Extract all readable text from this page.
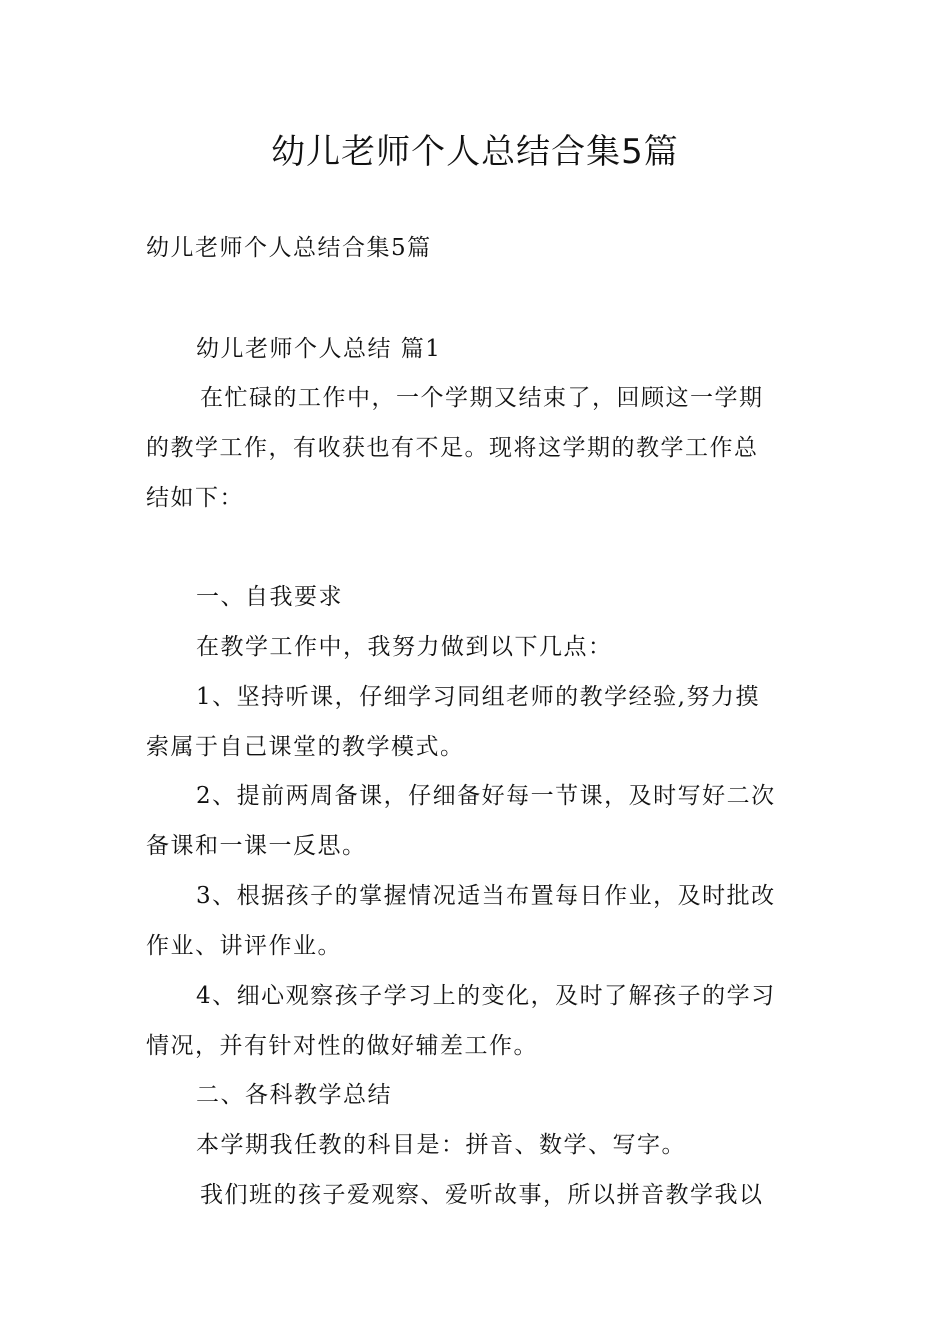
幼儿老师个人总结合集5篇
幼儿老师个人总结合集5篇
幼儿老师个人总结 篇1
在忙碌的工作中，一个学期又结束了，回顾这一学期
的教学工作，有收获也有不足。现将这学期的教学工作总
结如下：
一、自我要求
在教学工作中，我努力做到以下几点：
1、坚持听课，仔细学习同组老师的教学经验,努力摸
索属于自己课堂的教学模式。
2、提前两周备课，仔细备好每一节课，及时写好二次
备课和一课一反思。
3、根据孩子的掌握情况适当布置每日作业，及时批改
作业、讲评作业。
4、细心观察孩子学习上的变化，及时了解孩子的学习
情况，并有针对性的做好辅差工作。
二、各科教学总结
本学期我任教的科目是：拼音、数学、写字。
我们班的孩子爱观察、爱听故事，所以拼音教学我以
